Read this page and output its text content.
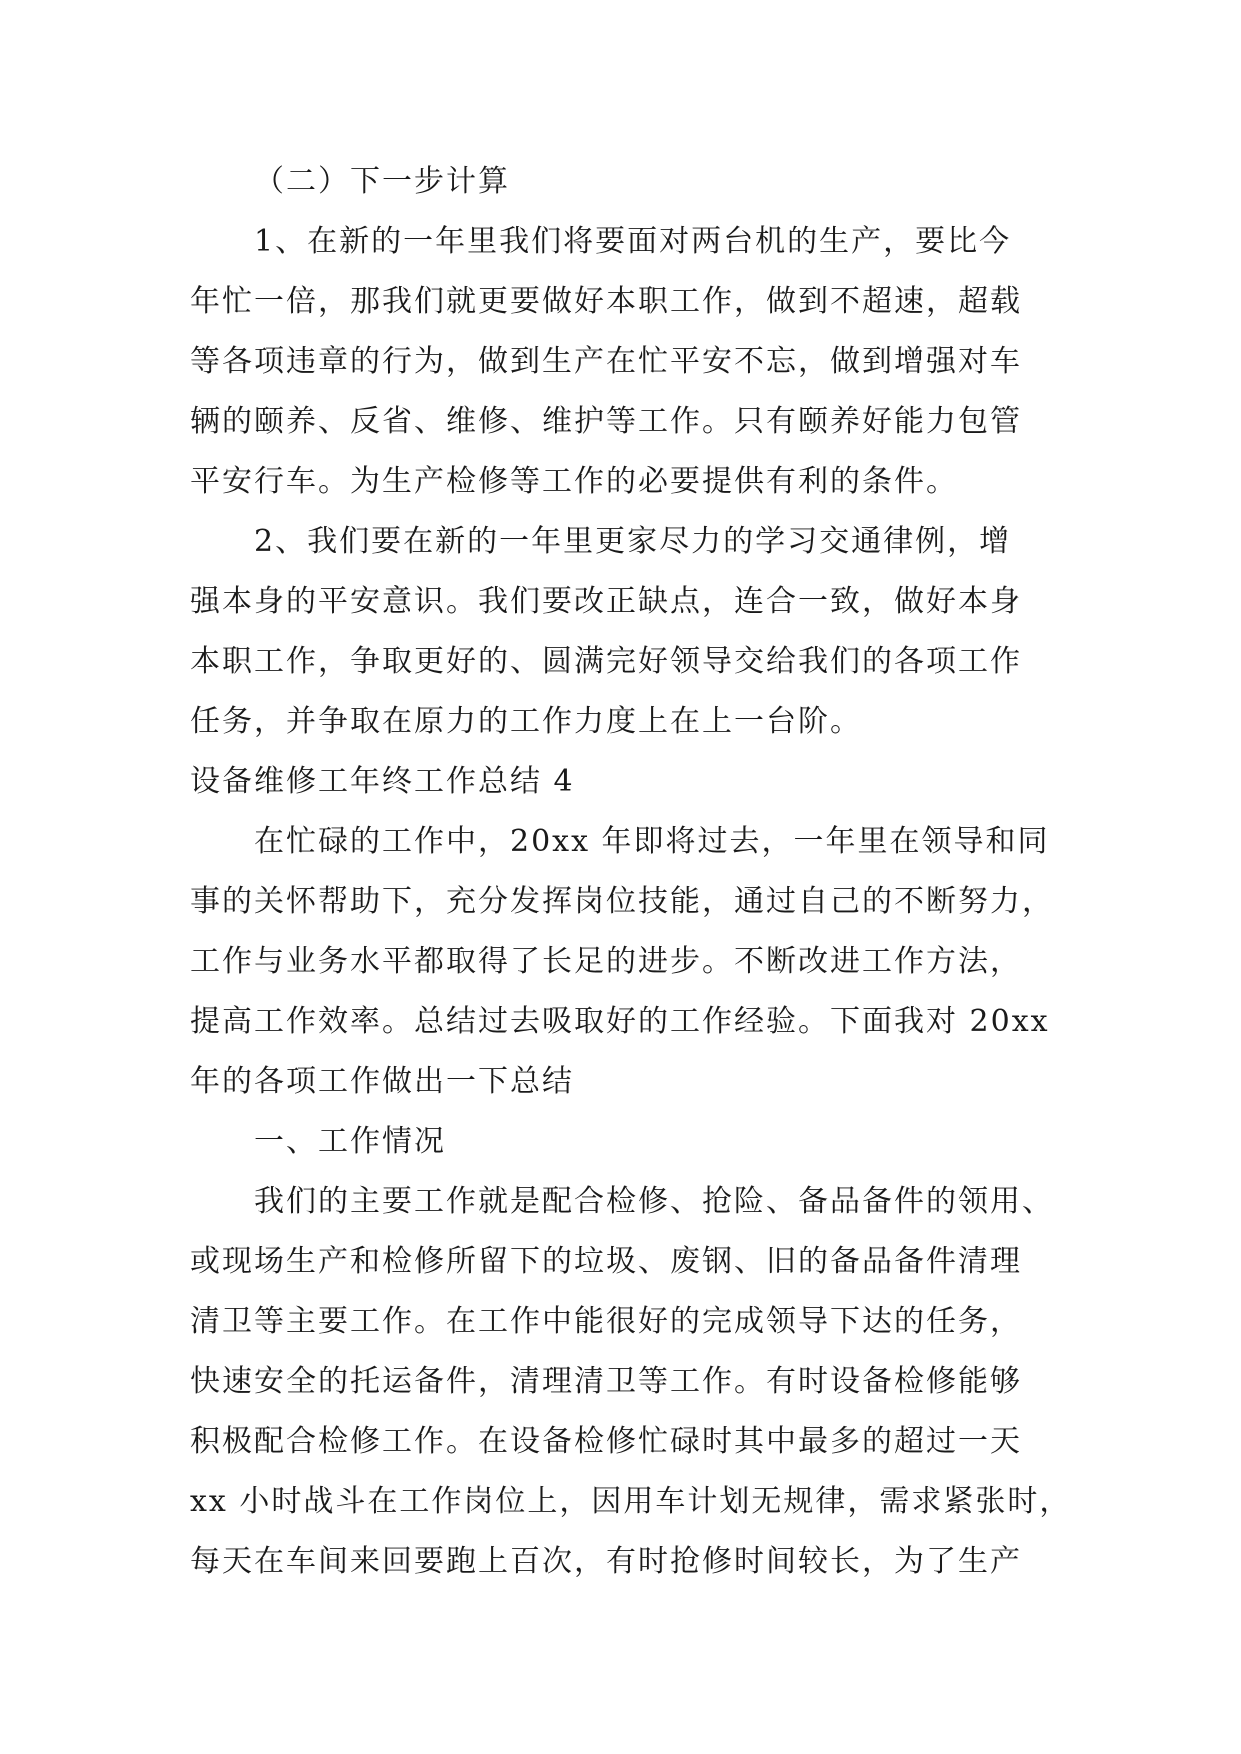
（二）下一步计算
1、在新的一年里我们将要面对两台机的生产，要比今
年忙一倍，那我们就更要做好本职工作，做到不超速，超载
等各项违章的行为，做到生产在忙平安不忘，做到增强对车
辆的颐养、反省、维修、维护等工作。只有颐养好能力包管
平安行车。为生产检修等工作的必要提供有利的条件。
2、我们要在新的一年里更家尽力的学习交通律例，增
强本身的平安意识。我们要改正缺点，连合一致，做好本身
本职工作，争取更好的、圆满完好领导交给我们的各项工作
任务，并争取在原力的工作力度上在上一台阶。
设备维修工年终工作总结 4
在忙碌的工作中，20xx 年即将过去，一年里在领导和同
事的关怀帮助下，充分发挥岗位技能，通过自己的不断努力，
工作与业务水平都取得了长足的进步。不断改进工作方法，
提高工作效率。总结过去吸取好的工作经验。下面我对 20xx
年的各项工作做出一下总结
一、工作情况
我们的主要工作就是配合检修、抢险、备品备件的领用、
或现场生产和检修所留下的垃圾、废钢、旧的备品备件清理
清卫等主要工作。在工作中能很好的完成领导下达的任务，
快速安全的托运备件，清理清卫等工作。有时设备检修能够
积极配合检修工作。在设备检修忙碌时其中最多的超过一天
xx 小时战斗在工作岗位上，因用车计划无规律，需求紧张时，
每天在车间来回要跑上百次，有时抢修时间较长，为了生产
